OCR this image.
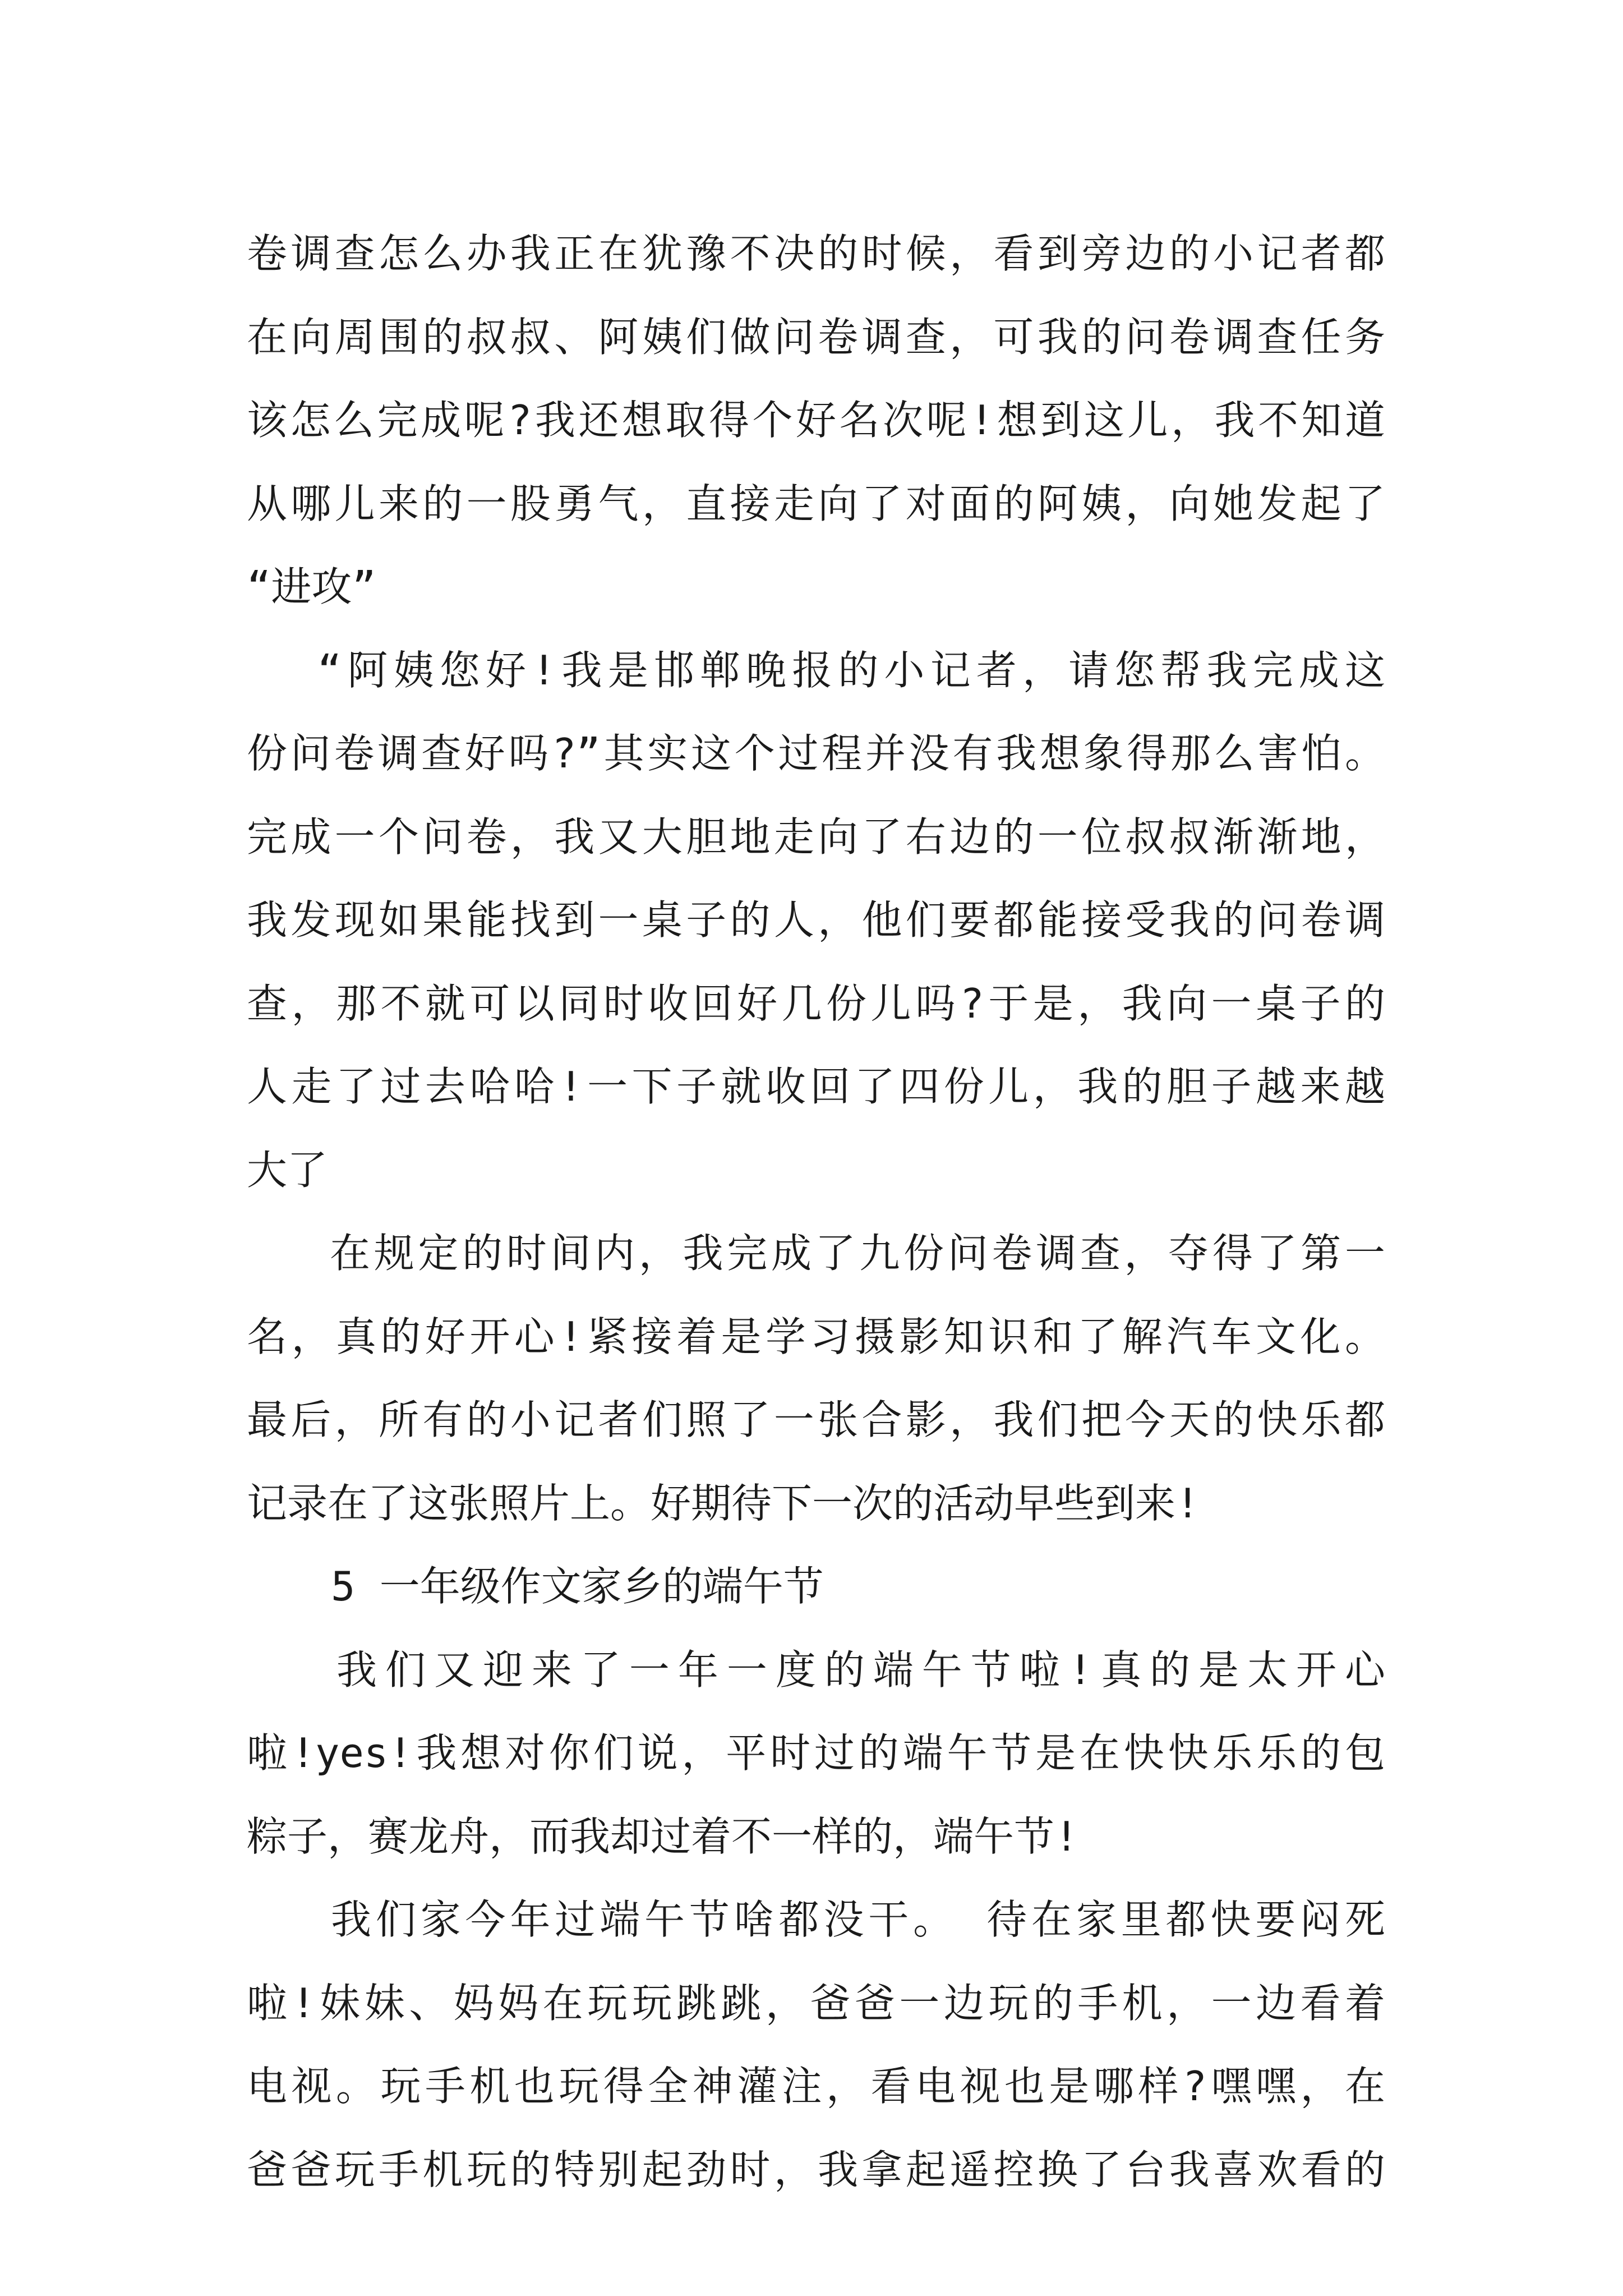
卷调查怎么办我正在犹豫不决的时候，看到旁边的小记者都
在向周围的叔叔、阿姨们做问卷调查，可我的问卷调查任务
该怎么完成呢?我还想取得个好名次呢!想到这儿，我不知道
从哪儿来的一股勇气，直接走向了对面的阿姨，向她发起了
“进攻”
“阿姨您好!我是邯郸晚报的小记者，请您帮我完成这
份问卷调查好吗?”其实这个过程并没有我想象得那么害怕。
完成一个问卷，我又大胆地走向了右边的一位叔叔渐渐地，
我发现如果能找到一桌子的人，他们要都能接受我的问卷调
查，那不就可以同时收回好几份儿吗?于是，我向一桌子的
人走了过去哈哈!一下子就收回了四份儿，我的胆子越来越
大了
在规定的时间内，我完成了九份问卷调查，夺得了第一
名，真的好开心!紧接着是学习摄影知识和了解汽车文化。
最后，所有的小记者们照了一张合影，我们把今天的快乐都
记录在了这张照片上。好期待下一次的活动早些到来!
5 一年级作文家乡的端午节
我们又迎来了一年一度的端午节啦!真的是太开心
啦!yes!我想对你们说，平时过的端午节是在快快乐乐的包
粽子，赛龙舟，而我却过着不一样的，端午节!
我们家今年过端午节啥都没干。 待在家里都快要闷死
啦!妹妹、妈妈在玩玩跳跳，爸爸一边玩的手机，一边看着
电视。玩手机也玩得全神灌注，看电视也是哪样?嘿嘿，在
爸爸玩手机玩的特别起劲时，我拿起遥控换了台我喜欢看的
